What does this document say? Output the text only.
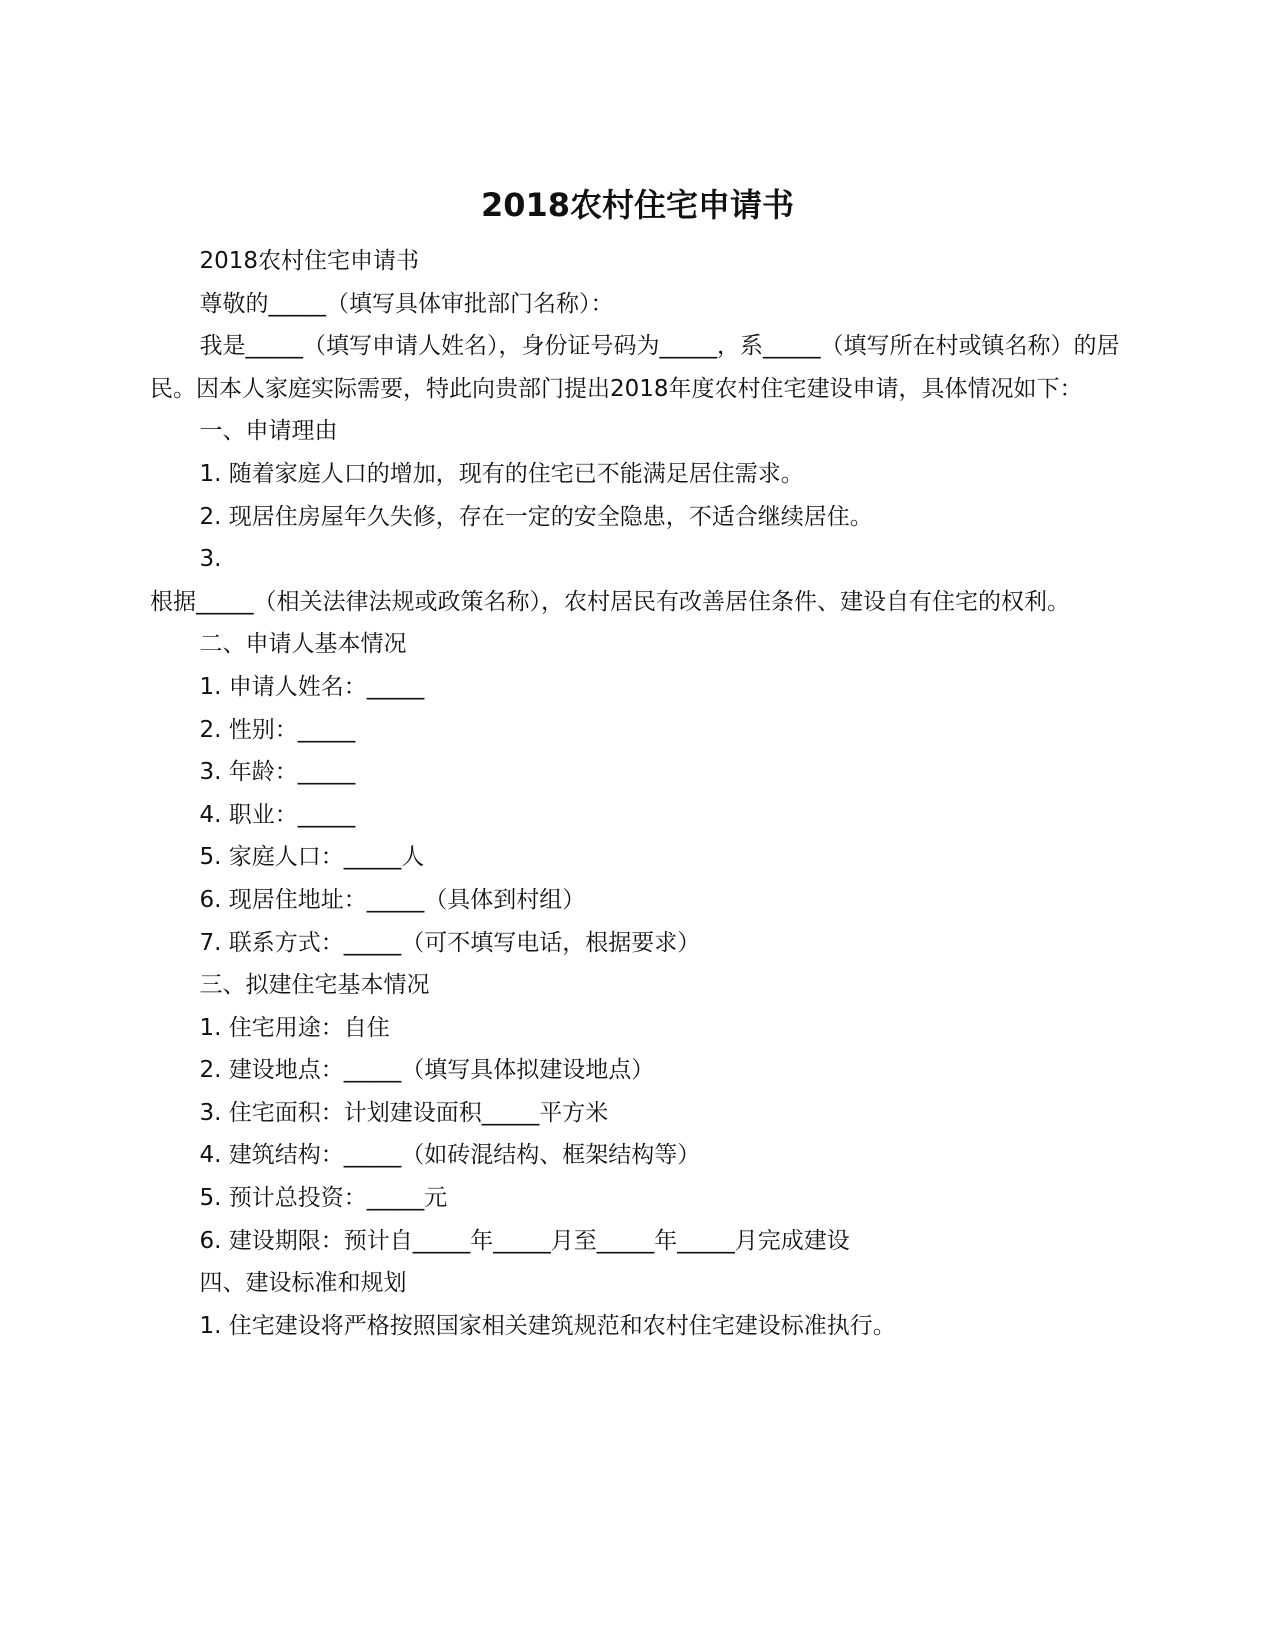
2018农村住宅申请书

2018农村住宅申请书

尊敬的_____（填写具体审批部门名称）：

我是_____（填写申请人姓名），身份证号码为_____，系_____（填写所在村或镇名称）的居民。因本人家庭实际需要，特此向贵部门提出2018年度农村住宅建设申请，具体情况如下：

一、申请理由

1. 随着家庭人口的增加，现有的住宅已不能满足居住需求。

2. 现居住房屋年久失修，存在一定的安全隐患，不适合继续居住。

3.

根据_____（相关法律法规或政策名称），农村居民有改善居住条件、建设自有住宅的权利。

二、申请人基本情况

1. 申请人姓名：_____

2. 性别：_____

3. 年龄：_____

4. 职业：_____

5. 家庭人口：_____人

6. 现居住地址：_____（具体到村组）

7. 联系方式：_____（可不填写电话，根据要求）

三、拟建住宅基本情况

1. 住宅用途：自住

2. 建设地点：_____（填写具体拟建设地点）

3. 住宅面积：计划建设面积_____平方米

4. 建筑结构：_____（如砖混结构、框架结构等）

5. 预计总投资：_____元

6. 建设期限：预计自_____年_____月至_____年_____月完成建设

四、建设标准和规划

1. 住宅建设将严格按照国家相关建筑规范和农村住宅建设标准执行。
